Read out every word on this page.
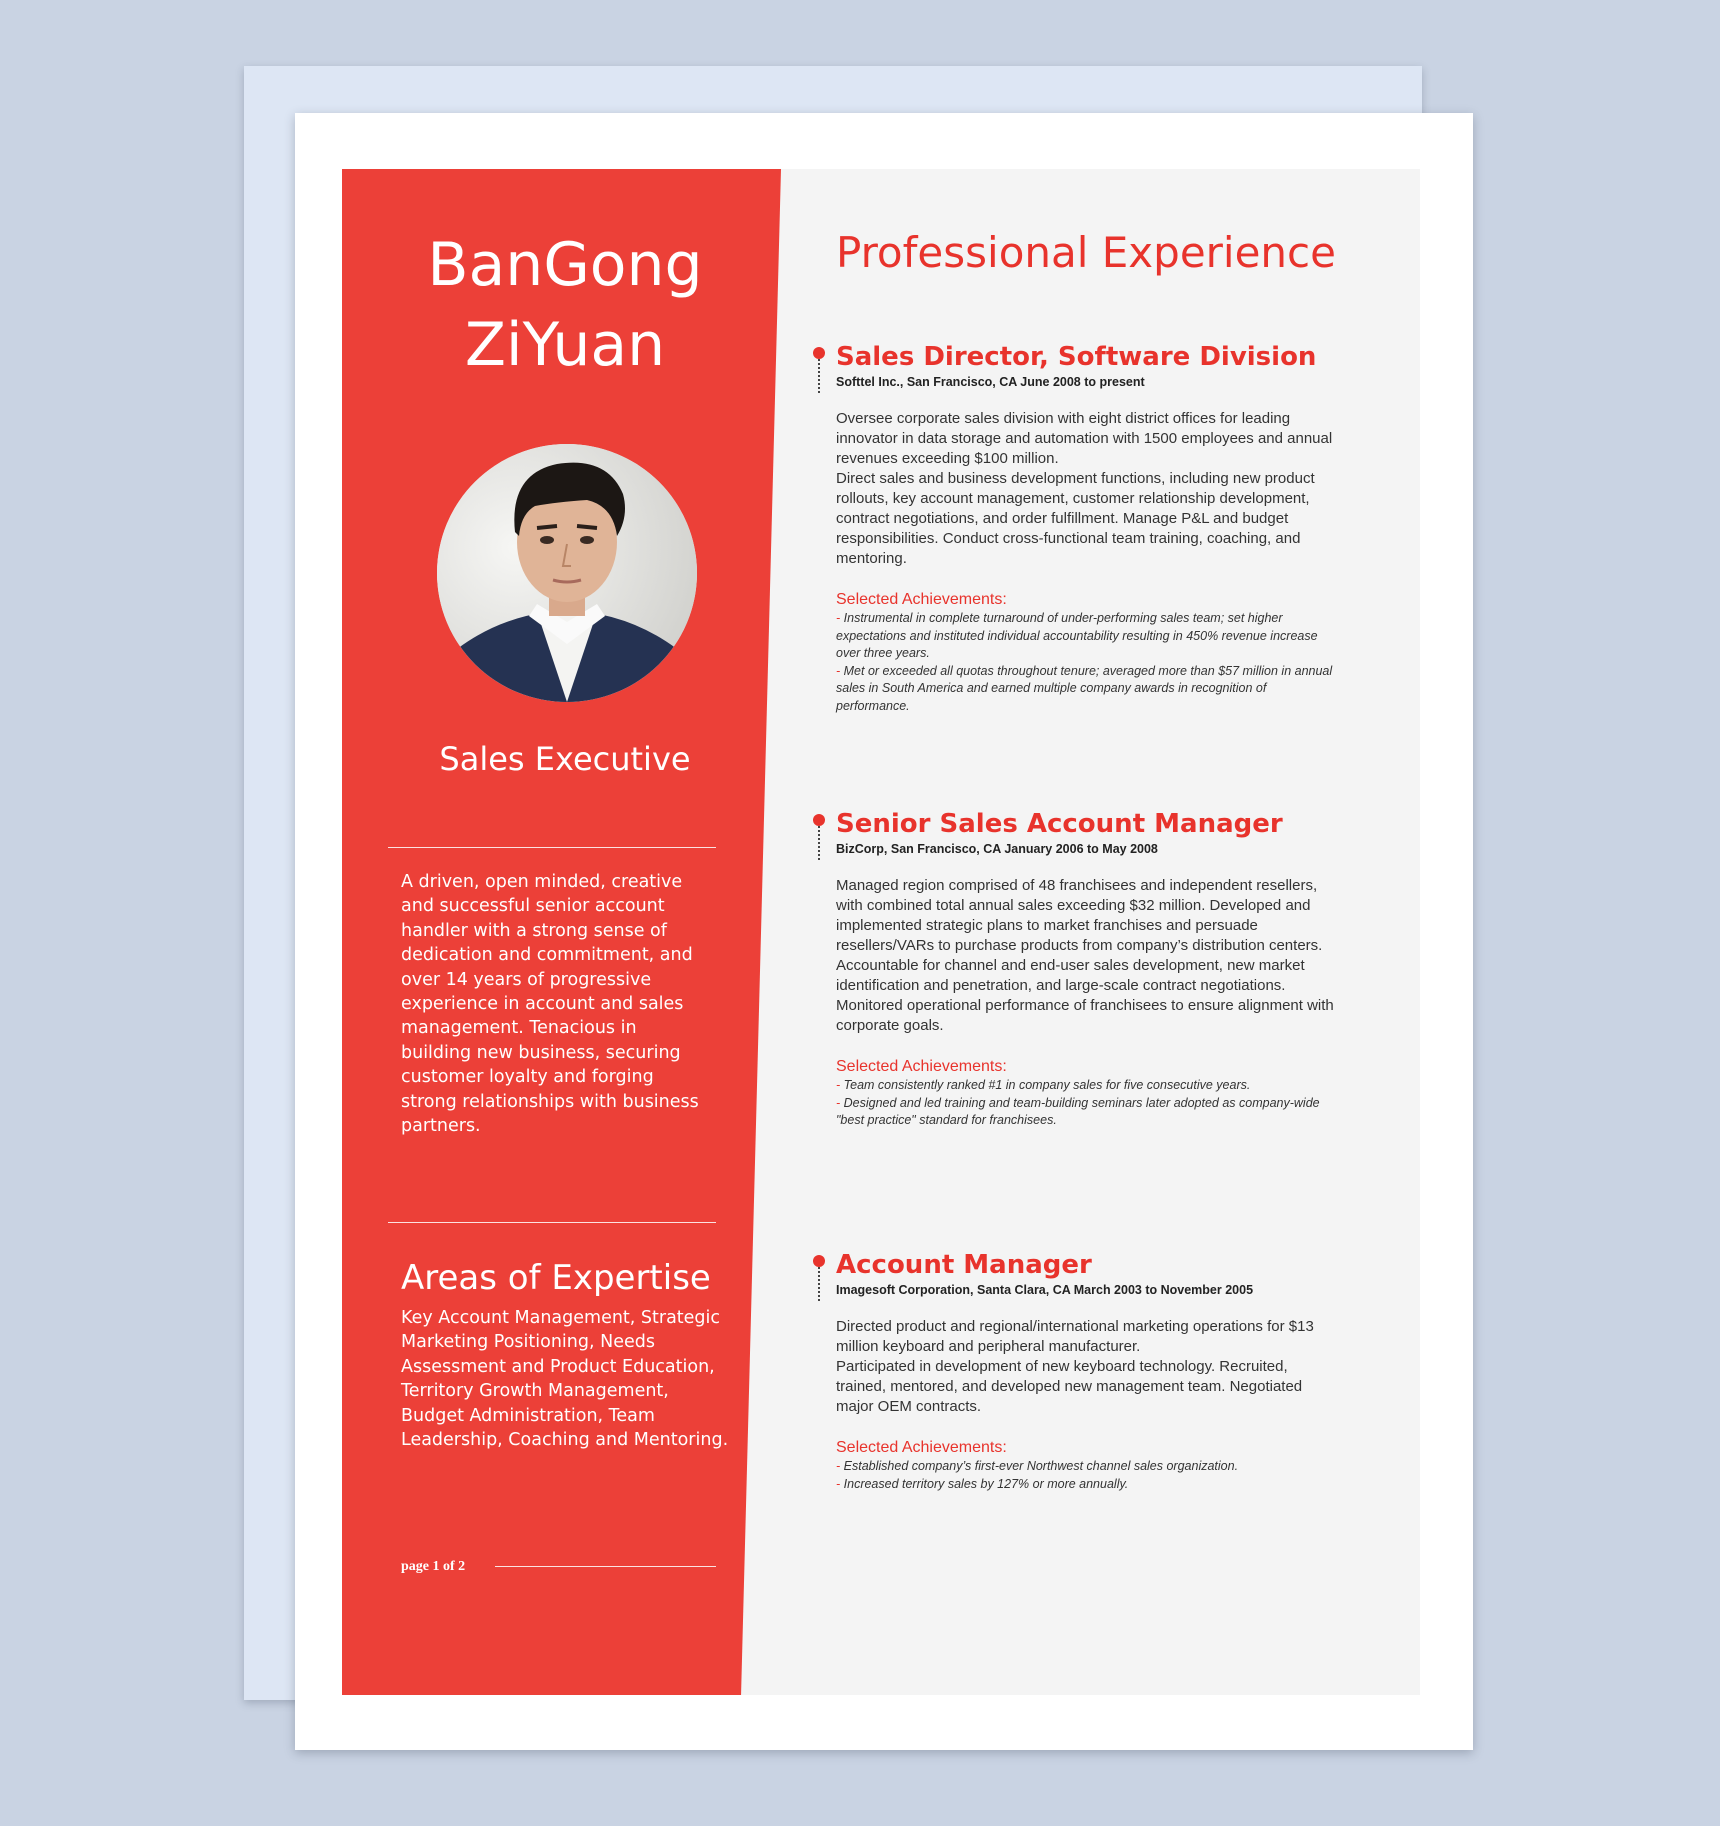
BanGong
ZiYuan
Sales Executive
A driven, open minded, creative and successful senior account handler with a strong sense of dedication and commitment, and over 14 years of progressive experience in account and sales management. Tenacious in building new business, securing customer loyalty and forging strong relationships with business partners.
Areas of Expertise
Key Account Management, Strategic Marketing Positioning, Needs Assessment and Product Education, Territory Growth Management, Budget Administration, Team Leadership, Coaching and Mentoring.
page 1 of 2
Professional Experience
Sales Director, Software Division
Softtel Inc., San Francisco, CA June 2008 to present

Oversee corporate sales division with eight district offices for leading innovator in data storage and automation with 1500 employees and annual revenues exceeding $100 million.

Direct sales and business development functions, including new product rollouts, key account management, customer relationship development, contract negotiations, and order fulfillment. Manage P&L and budget responsibilities. Conduct cross-functional team training, coaching, and mentoring.

Selected Achievements:

- Instrumental in complete turnaround of under-performing sales team; set higher expectations and instituted individual accountability resulting in 450% revenue increase over three years.

- Met or exceeded all quotas throughout tenure; averaged more than $57 million in annual sales in South America and earned multiple company awards in recognition of performance.

Senior Sales Account Manager
BizCorp, San Francisco, CA January 2006 to May 2008

Managed region comprised of 48 franchisees and independent resellers, with combined total annual sales exceeding $32 million. Developed and implemented strategic plans to market franchises and persuade resellers/VARs to purchase products from company’s distribution centers. Accountable for channel and end-user sales development, new market identification and penetration, and large-scale contract negotiations. Monitored operational performance of franchisees to ensure alignment with corporate goals.

Selected Achievements:

- Team consistently ranked #1 in company sales for five consecutive years.

- Designed and led training and team-building seminars later adopted as company-wide "best practice" standard for franchisees.

Account Manager
Imagesoft Corporation, Santa Clara, CA March 2003 to November 2005

Directed product and regional/international marketing operations for $13 million keyboard and peripheral manufacturer.

Participated in development of new keyboard technology. Recruited, trained, mentored, and developed new management team. Negotiated major OEM contracts.

Selected Achievements:

- Established company’s first-ever Northwest channel sales organization.

- Increased territory sales by 127% or more annually.
